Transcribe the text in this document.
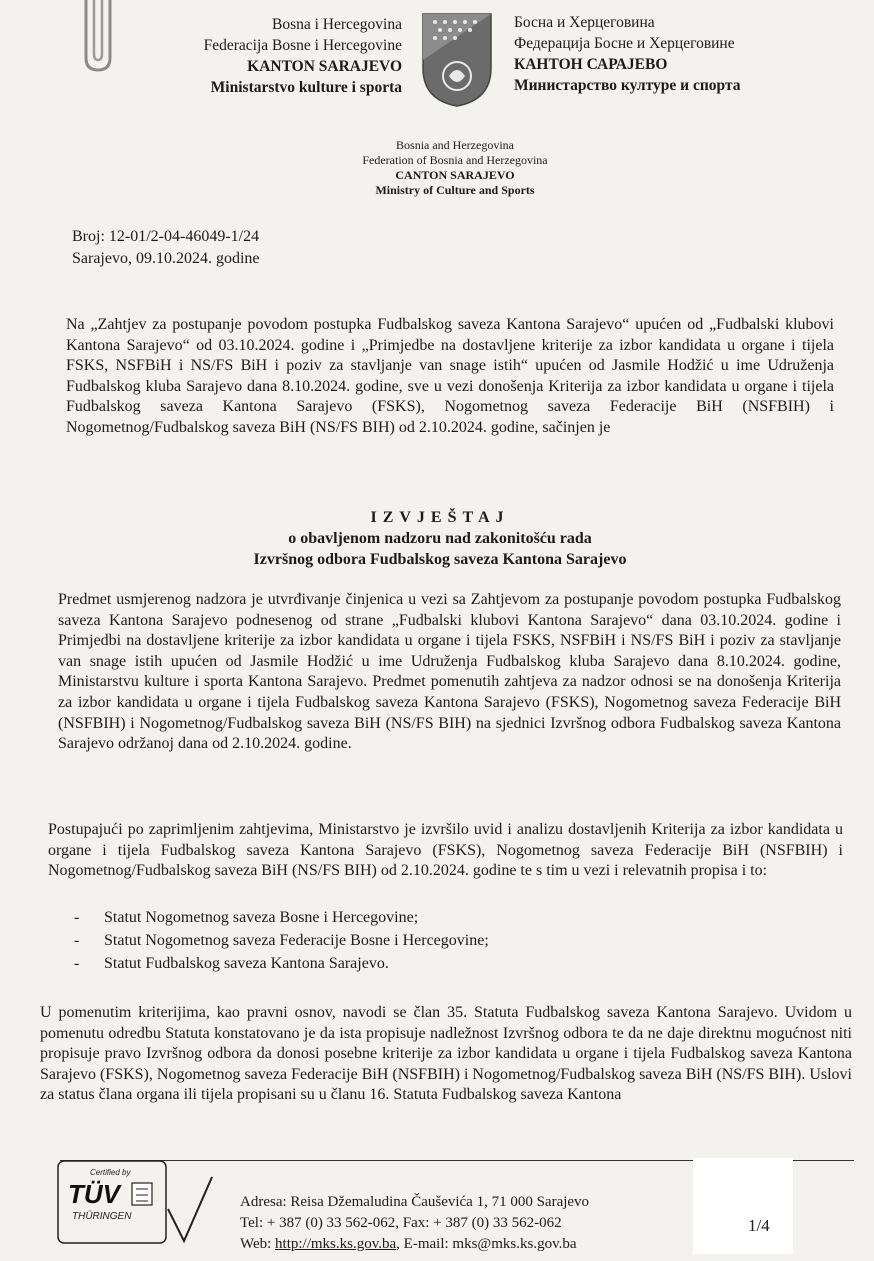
Bosna i Hercegovina
Federacija Bosne i Hercegovine
KANTON SARAJEVO
Ministarstvo kulture i sporta
Босна и Херцеговина
Федерација Босне и Херцеговине
КАНТОН САРАЈЕВО
Министарство културе и спорта
Bosnia and Herzegovina
Federation of Bosnia and Herzegovina
CANTON SARAJEVO
Ministry of Culture and Sports
Broj: 12-01/2-04-46049-1/24
Sarajevo, 09.10.2024. godine
Na „Zahtjev za postupanje povodom postupka Fudbalskog saveza Kantona Sarajevo“ upućen od „Fudbalski klubovi Kantona Sarajevo“ od 03.10.2024. godine i „Primjedbe na dostavljene kriterije za izbor kandidata u organe i tijela FSKS, NSFBiH i NS/FS BiH i poziv za stavljanje van snage istih“ upućen od Jasmile Hodžić u ime Udruženja Fudbalskog kluba Sarajevo dana 8.10.2024. godine, sve u vezi donošenja Kriterija za izbor kandidata u organe i tijela Fudbalskog saveza Kantona Sarajevo (FSKS), Nogometnog saveza Federacije BiH (NSFBIH) i Nogometnog/Fudbalskog saveza BiH (NS/FS BIH) od 2.10.2024. godine, sačinjen je
IZVJEŠTAJ
o obavljenom nadzoru nad zakonitošću rada
Izvršnog odbora Fudbalskog saveza Kantona Sarajevo
Predmet usmjerenog nadzora je utvrđivanje činjenica u vezi sa Zahtjevom za postupanje povodom postupka Fudbalskog saveza Kantona Sarajevo podnesenog od strane „Fudbalski klubovi Kantona Sarajevo“ dana 03.10.2024. godine i Primjedbi na dostavljene kriterije za izbor kandidata u organe i tijela FSKS, NSFBiH i NS/FS BiH i poziv za stavljanje van snage istih upućen od Jasmile Hodžić u ime Udruženja Fudbalskog kluba Sarajevo dana 8.10.2024. godine, Ministarstvu kulture i sporta Kantona Sarajevo. Predmet pomenutih zahtjeva za nadzor odnosi se na donošenja Kriterija za izbor kandidata u organe i tijela Fudbalskog saveza Kantona Sarajevo (FSKS), Nogometnog saveza Federacije BiH (NSFBIH) i Nogometnog/Fudbalskog saveza BiH (NS/FS BIH) na sjednici Izvršnog odbora Fudbalskog saveza Kantona Sarajevo održanoj dana od 2.10.2024. godine.
Postupajući po zaprimljenim zahtjevima, Ministarstvo je izvršilo uvid i analizu dostavljenih Kriterija za izbor kandidata u organe i tijela Fudbalskog saveza Kantona Sarajevo (FSKS), Nogometnog saveza Federacije BiH (NSFBIH) i Nogometnog/Fudbalskog saveza BiH (NS/FS BIH) od 2.10.2024. godine te s tim u vezi i relevatnih propisa i to:
- Statut Nogometnog saveza Bosne i Hercegovine;
- Statut Nogometnog saveza Federacije Bosne i Hercegovine;
- Statut Fudbalskog saveza Kantona Sarajevo.
U pomenutim kriterijima, kao pravni osnov, navodi se član 35. Statuta Fudbalskog saveza Kantona Sarajevo. Uvidom u pomenutu odredbu Statuta konstatovano je da ista propisuje nadležnost Izvršnog odbora te da ne daje direktnu mogućnost niti propisuje pravo Izvršnog odbora da donosi posebne kriterije za izbor kandidata u organe i tijela Fudbalskog saveza Kantona Sarajevo (FSKS), Nogometnog saveza Federacije BiH (NSFBIH) i Nogometnog/Fudbalskog saveza BiH (NS/FS BIH). Uslovi za status člana organa ili tijela propisani su u članu 16. Statuta Fudbalskog saveza Kantona
Certified by
TÜV
THÜRINGEN
Adresa: Reisa Džemaludina Čauševića 1, 71 000 Sarajevo
Tel: + 387 (0) 33 562-062, Fax: + 387 (0) 33 562-062
Web: http://mks.ks.gov.ba, E-mail: mks@mks.ks.gov.ba
1/4
